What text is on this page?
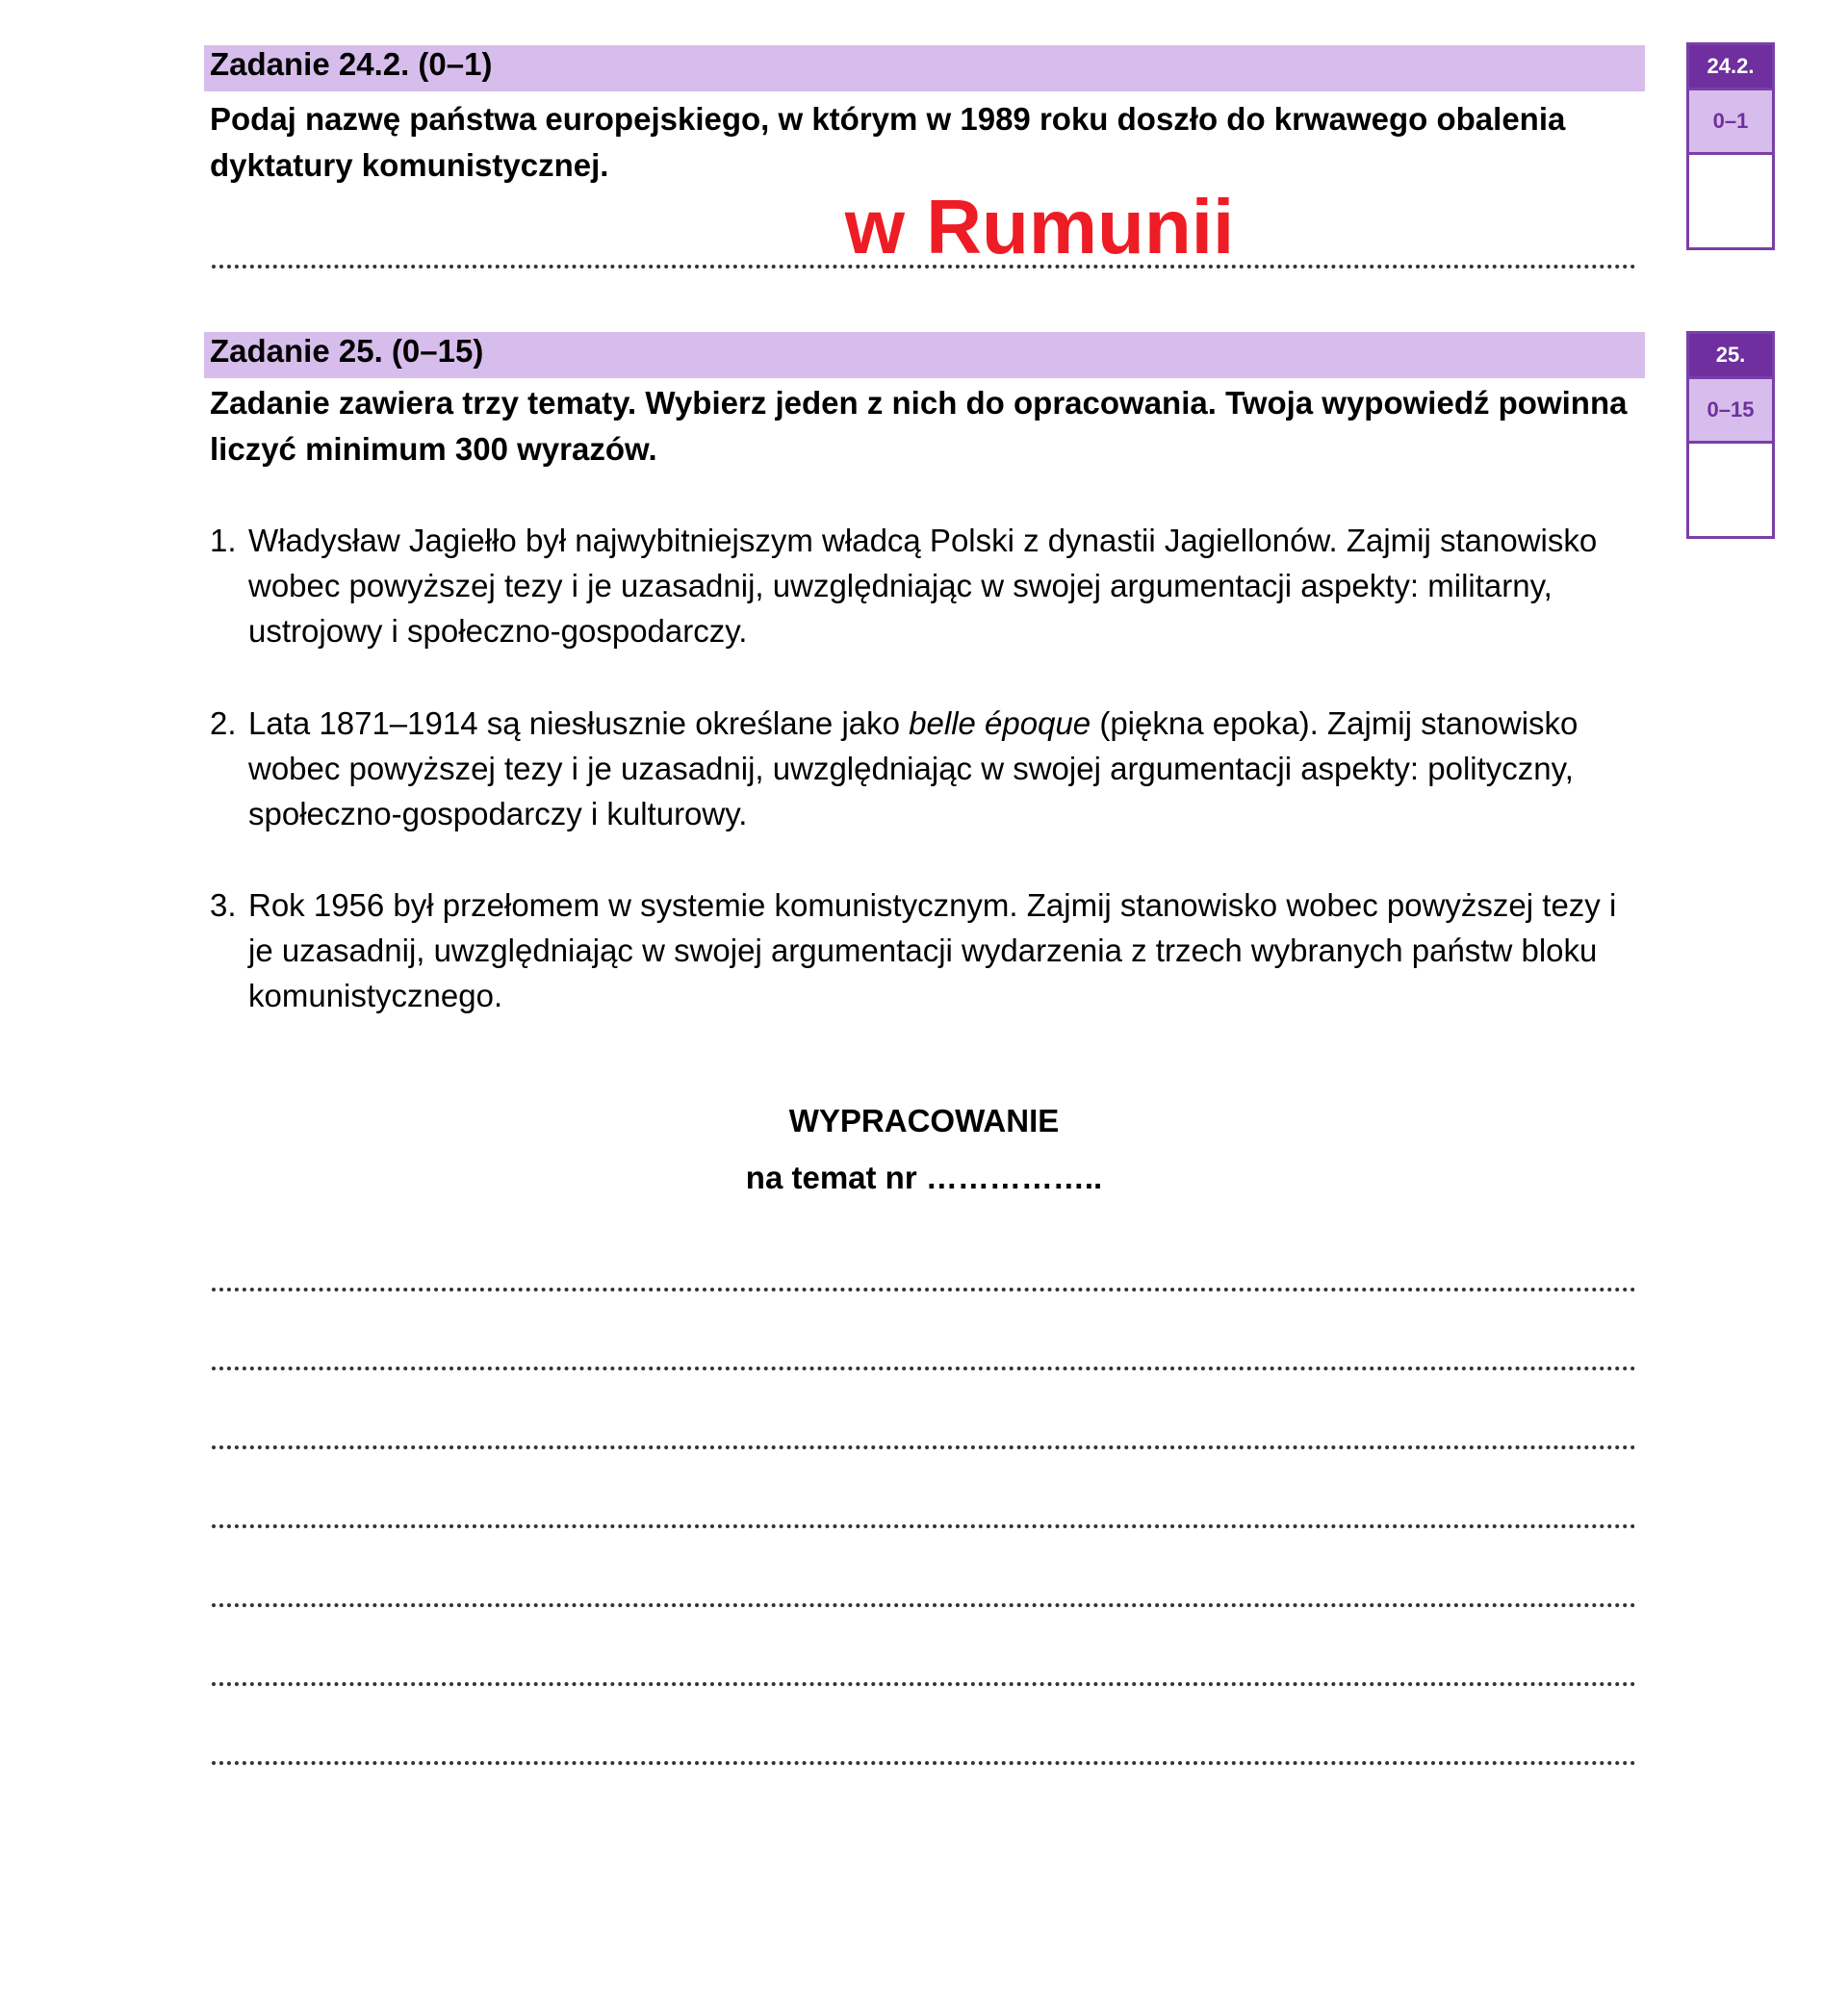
Zadanie 24.2. (0–1)
Podaj nazwę państwa europejskiego, w którym w 1989 roku doszło do krwawego obalenia dyktatury komunistycznej.
w Rumunii
24.2.
0–1
Zadanie 25. (0–15)
Zadanie zawiera trzy tematy. Wybierz jeden z nich do opracowania. Twoja wypowiedź powinna liczyć minimum 300 wyrazów.
25.
0–15
1. Władysław Jagiełło był najwybitniejszym władcą Polski z dynastii Jagiellonów. Zajmij stanowisko wobec powyższej tezy i je uzasadnij, uwzględniając w swojej argumentacji aspekty: militarny, ustrojowy i społeczno-gospodarczy.
2. Lata 1871–1914 są niesłusznie określane jako belle époque (piękna epoka). Zajmij stanowisko wobec powyższej tezy i je uzasadnij, uwzględniając w swojej argumentacji aspekty: polityczny, społeczno-gospodarczy i kulturowy.
3. Rok 1956 był przełomem w systemie komunistycznym. Zajmij stanowisko wobec powyższej tezy i je uzasadnij, uwzględniając w swojej argumentacji wydarzenia z trzech wybranych państw bloku komunistycznego.
WYPRACOWANIE
na temat nr ……………..
